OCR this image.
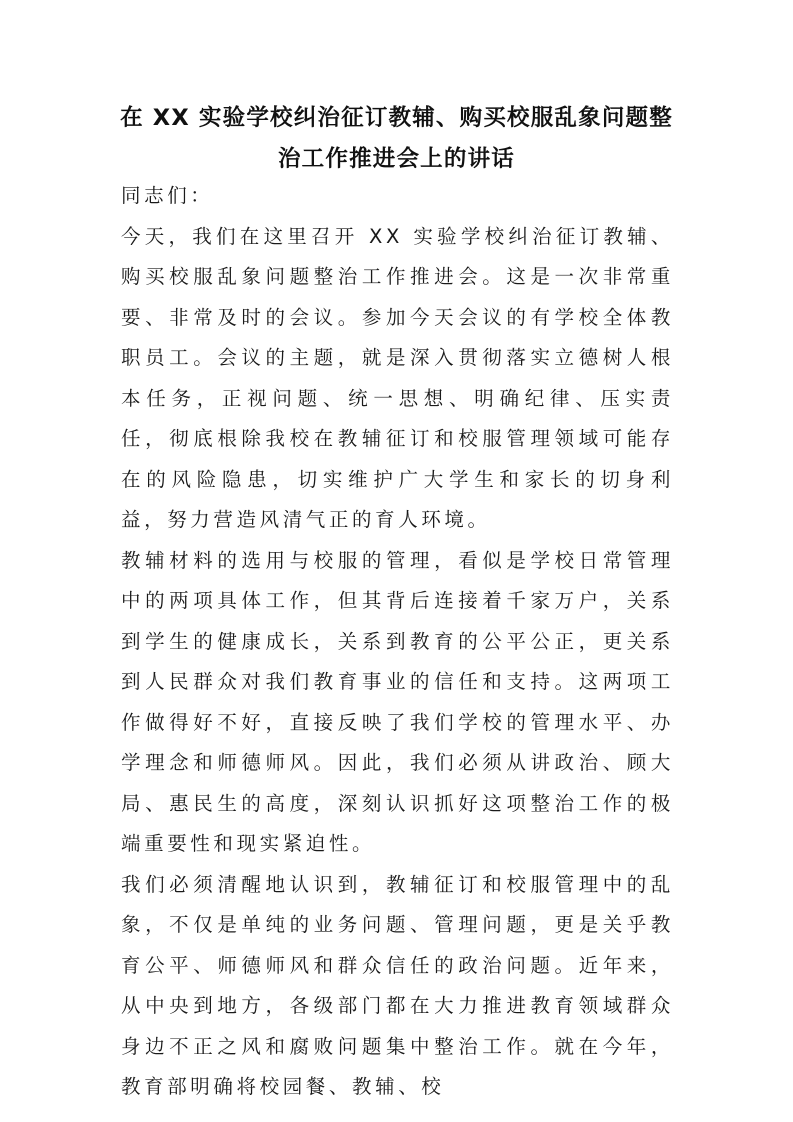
在 XX 实验学校纠治征订教辅、购买校服乱象问题整治工作推进会上的讲话

同志们：

今天，我们在这里召开 XX 实验学校纠治征订教辅、购买校服乱象问题整治工作推进会。这是一次非常重要、非常及时的会议。参加今天会议的有学校全体教职员工。会议的主题，就是深入贯彻落实立德树人根本任务，正视问题、统一思想、明确纪律、压实责任，彻底根除我校在教辅征订和校服管理领域可能存在的风险隐患，切实维护广大学生和家长的切身利益，努力营造风清气正的育人环境。

教辅材料的选用与校服的管理，看似是学校日常管理中的两项具体工作，但其背后连接着千家万户，关系到学生的健康成长，关系到教育的公平公正，更关系到人民群众对我们教育事业的信任和支持。这两项工作做得好不好，直接反映了我们学校的管理水平、办学理念和师德师风。因此，我们必须从讲政治、顾大局、惠民生的高度，深刻认识抓好这项整治工作的极端重要性和现实紧迫性。

我们必须清醒地认识到，教辅征订和校服管理中的乱象，不仅是单纯的业务问题、管理问题，更是关乎教育公平、师德师风和群众信任的政治问题。近年来，从中央到地方，各级部门都在大力推进教育领域群众身边不正之风和腐败问题集中整治工作。就在今年，教育部明确将校园餐、教辅、校
